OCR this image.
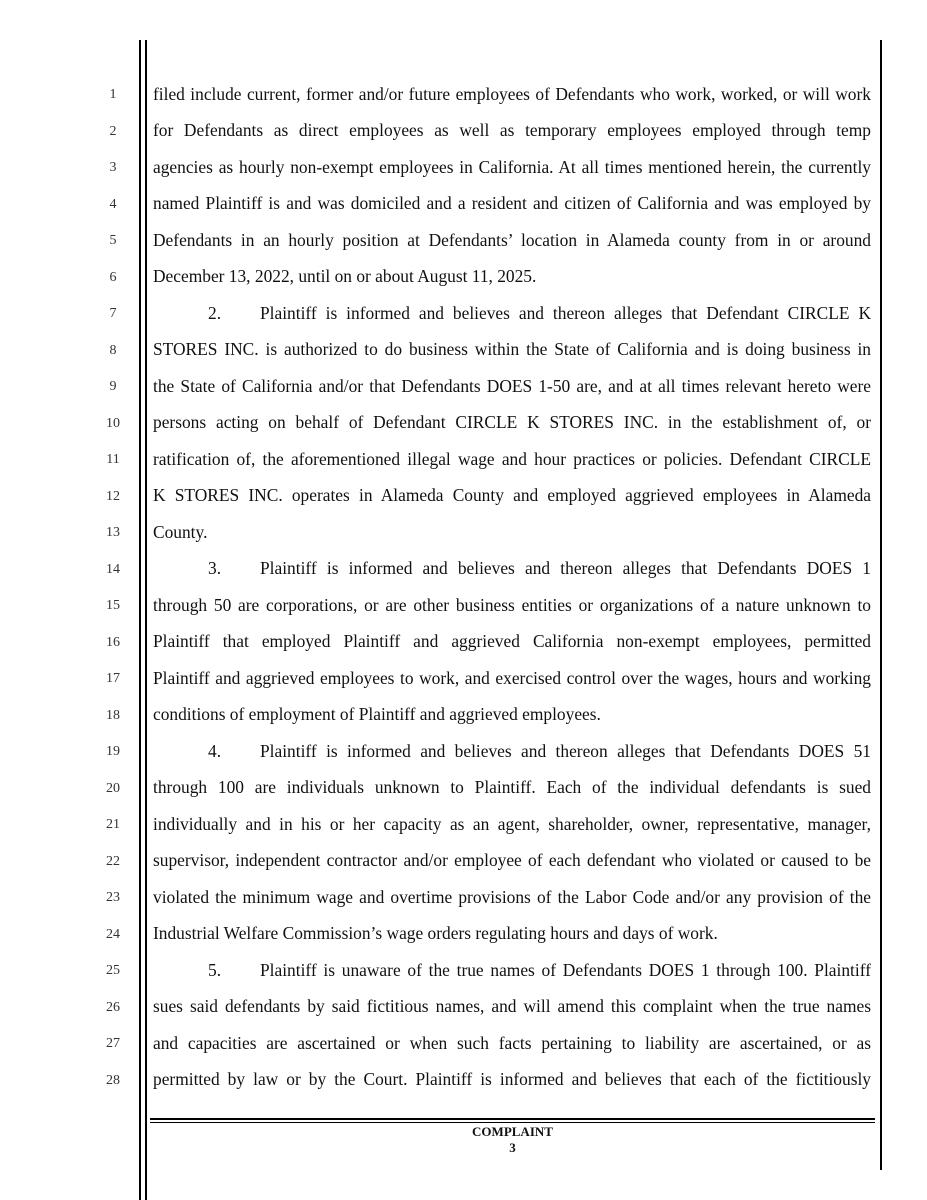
1
2
3
4
5
6
7
8
9
10
11
12
13
14
15
16
17
18
19
20
21
22
23
24
25
26
27
28
filed include current, former and/or future employees of Defendants who work, worked, or will work
for Defendants as direct employees as well as temporary employees employed through temp
agencies as hourly non-exempt employees in California. At all times mentioned herein, the currently
named Plaintiff is and was domiciled and a resident and citizen of California and was employed by
Defendants in an hourly position at Defendants’ location in Alameda county from in or around
December 13, 2022, until on or about August 11, 2025.
2. Plaintiff is informed and believes and thereon alleges that Defendant CIRCLE K
STORES INC. is authorized to do business within the State of California and is doing business in
the State of California and/or that Defendants DOES 1-50 are, and at all times relevant hereto were
persons acting on behalf of Defendant CIRCLE K STORES INC. in the establishment of, or
ratification of, the aforementioned illegal wage and hour practices or policies. Defendant CIRCLE
K STORES INC. operates in Alameda County and employed aggrieved employees in Alameda
County.
3. Plaintiff is informed and believes and thereon alleges that Defendants DOES 1
through 50 are corporations, or are other business entities or organizations of a nature unknown to
Plaintiff that employed Plaintiff and aggrieved California non-exempt employees, permitted
Plaintiff and aggrieved employees to work, and exercised control over the wages, hours and working
conditions of employment of Plaintiff and aggrieved employees.
4. Plaintiff is informed and believes and thereon alleges that Defendants DOES 51
through 100 are individuals unknown to Plaintiff. Each of the individual defendants is sued
individually and in his or her capacity as an agent, shareholder, owner, representative, manager,
supervisor, independent contractor and/or employee of each defendant who violated or caused to be
violated the minimum wage and overtime provisions of the Labor Code and/or any provision of the
Industrial Welfare Commission’s wage orders regulating hours and days of work.
5. Plaintiff is unaware of the true names of Defendants DOES 1 through 100. Plaintiff
sues said defendants by said fictitious names, and will amend this complaint when the true names
and capacities are ascertained or when such facts pertaining to liability are ascertained, or as
permitted by law or by the Court. Plaintiff is informed and believes that each of the fictitiously
COMPLAINT
3
